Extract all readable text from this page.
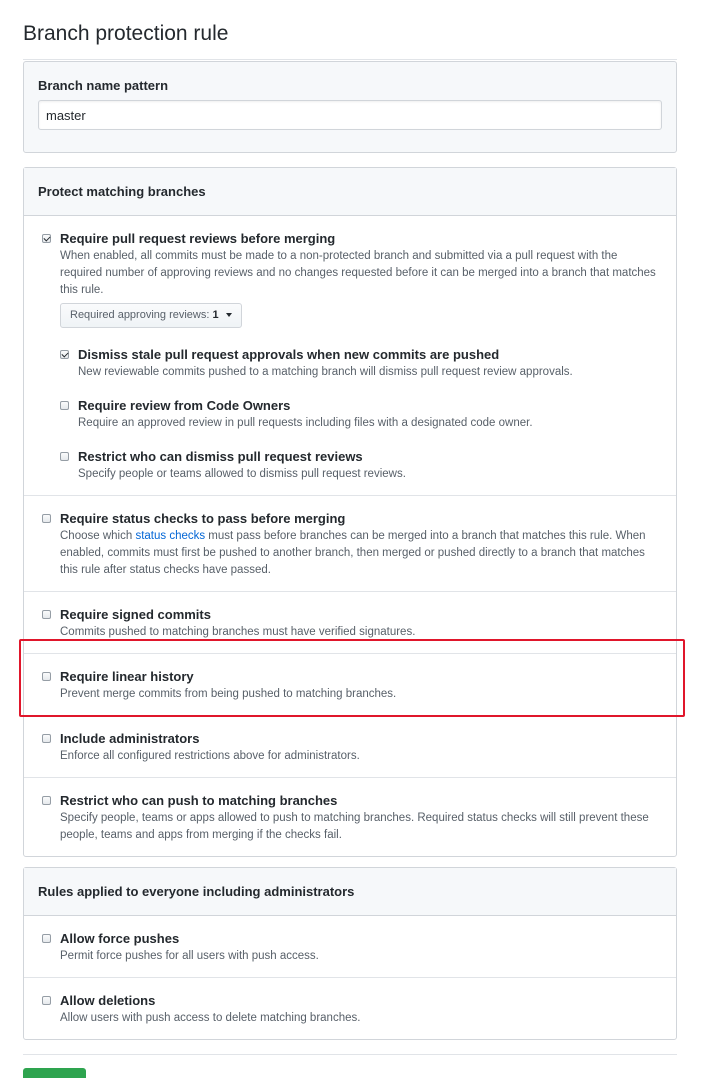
Branch protection rule
Branch name pattern
master
Protect matching branches
Require pull request reviews before merging
When enabled, all commits must be made to a non-protected branch and submitted via a pull request with the required number of approving reviews and no changes requested before it can be merged into a branch that matches this rule.
Required approving reviews: 1
Dismiss stale pull request approvals when new commits are pushed
New reviewable commits pushed to a matching branch will dismiss pull request review approvals.
Require review from Code Owners
Require an approved review in pull requests including files with a designated code owner.
Restrict who can dismiss pull request reviews
Specify people or teams allowed to dismiss pull request reviews.
Require status checks to pass before merging
Choose which status checks must pass before branches can be merged into a branch that matches this rule. When enabled, commits must first be pushed to another branch, then merged or pushed directly to a branch that matches this rule after status checks have passed.
Require signed commits
Commits pushed to matching branches must have verified signatures.
Require linear history
Prevent merge commits from being pushed to matching branches.
Include administrators
Enforce all configured restrictions above for administrators.
Restrict who can push to matching branches
Specify people, teams or apps allowed to push to matching branches. Required status checks will still prevent these people, teams and apps from merging if the checks fail.
Rules applied to everyone including administrators
Allow force pushes
Permit force pushes for all users with push access.
Allow deletions
Allow users with push access to delete matching branches.
